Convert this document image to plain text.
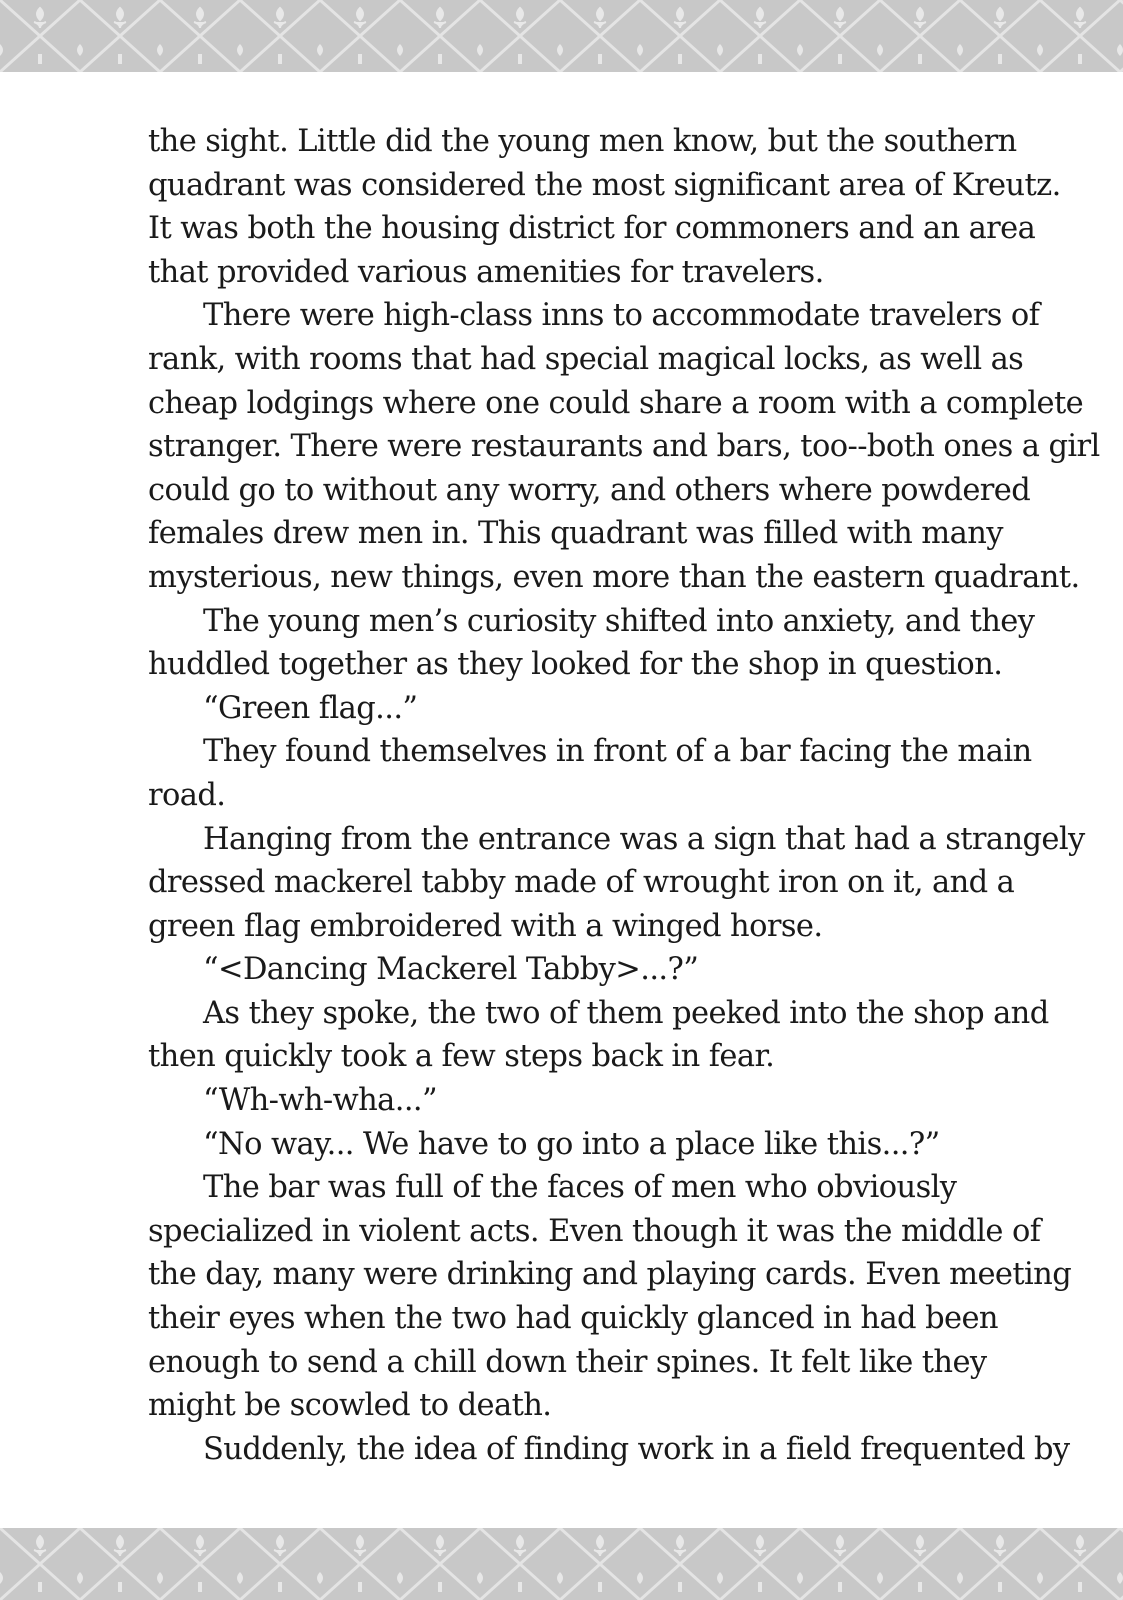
the sight. Little did the young men know, but the southern
quadrant was considered the most significant area of Kreutz.
It was both the housing district for commoners and an area
that provided various amenities for travelers.
There were high-class inns to accommodate travelers of
rank, with rooms that had special magical locks, as well as
cheap lodgings where one could share a room with a complete
stranger. There were restaurants and bars, too--both ones a girl
could go to without any worry, and others where powdered
females drew men in. This quadrant was filled with many
mysterious, new things, even more than the eastern quadrant.
The young men’s curiosity shifted into anxiety, and they
huddled together as they looked for the shop in question.
“Green flag...”
They found themselves in front of a bar facing the main
road.
Hanging from the entrance was a sign that had a strangely
dressed mackerel tabby made of wrought iron on it, and a
green flag embroidered with a winged horse.
“<Dancing Mackerel Tabby>...?”
As they spoke, the two of them peeked into the shop and
then quickly took a few steps back in fear.
“Wh-wh-wha...”
“No way... We have to go into a place like this...?”
The bar was full of the faces of men who obviously
specialized in violent acts. Even though it was the middle of
the day, many were drinking and playing cards. Even meeting
their eyes when the two had quickly glanced in had been
enough to send a chill down their spines. It felt like they
might be scowled to death.
Suddenly, the idea of finding work in a field frequented by
